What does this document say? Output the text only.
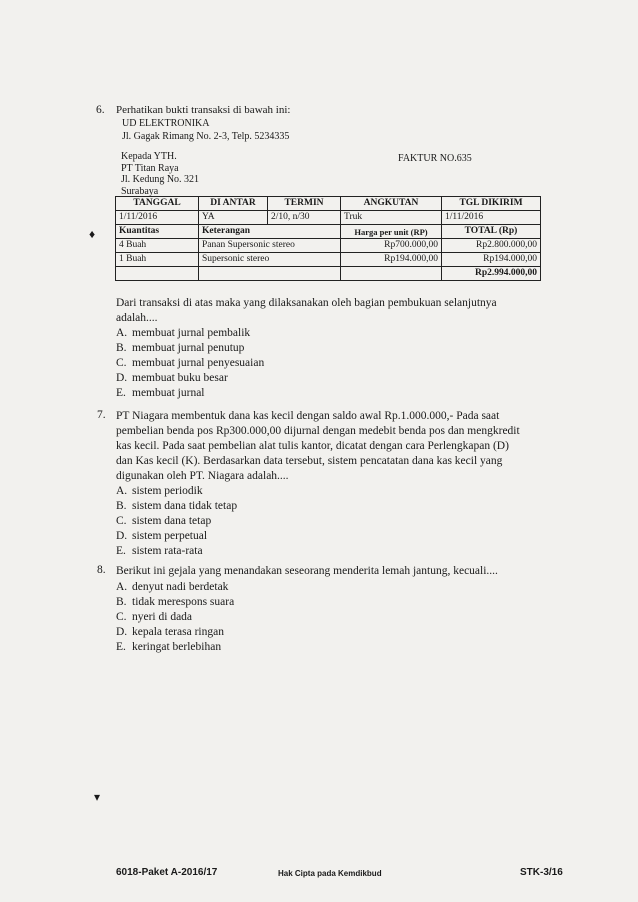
6. Perhatikan bukti transaksi di bawah ini:
UD ELEKTRONIKA
Jl. Gagak Rimang No. 2-3, Telp. 5234335
Kepada YTH.
PT Titan Raya
Jl. Kedung No. 321
Surabaya
FAKTUR NO.635
♦
TANGGAL	DI ANTAR	TERMIN	ANGKUTAN	TGL DIKIRIM
1/11/2016	YA	2/10, n/30	Truk	1/11/2016
Kuantitas	Keterangan		Harga per unit (RP)	TOTAL (Rp)
4 Buah	Panan Supersonic stereo		Rp700.000,00	Rp2.800.000,00
1 Buah	Supersonic stereo		Rp194.000,00	Rp194.000,00
				Rp2.994.000,00
Dari transaksi di atas maka yang dilaksanakan oleh bagian pembukuan selanjutnya
adalah....
A. membuat jurnal pembalik
B. membuat jurnal penutup
C. membuat jurnal penyesuaian
D. membuat buku besar
E. membuat jurnal
7. PT Niagara membentuk dana kas kecil dengan saldo awal Rp.1.000.000,- Pada saat
pembelian benda pos Rp300.000,00 dijurnal dengan medebit benda pos dan mengkredit
kas kecil. Pada saat pembelian alat tulis kantor, dicatat dengan cara Perlengkapan (D)
dan Kas kecil (K). Berdasarkan data tersebut, sistem pencatatan dana kas kecil yang
digunakan oleh PT. Niagara adalah....
A. sistem periodik
B. sistem dana tidak tetap
C. sistem dana tetap
D. sistem perpetual
E. sistem rata-rata
8. Berikut ini gejala yang menandakan seseorang menderita lemah jantung, kecuali....
A. denyut nadi berdetak
B. tidak merespons suara
C. nyeri di dada
D. kepala terasa ringan
E. keringat berlebihan
▾
6018-Paket A-2016/17	Hak Cipta pada Kemdikbud	STK-3/16
